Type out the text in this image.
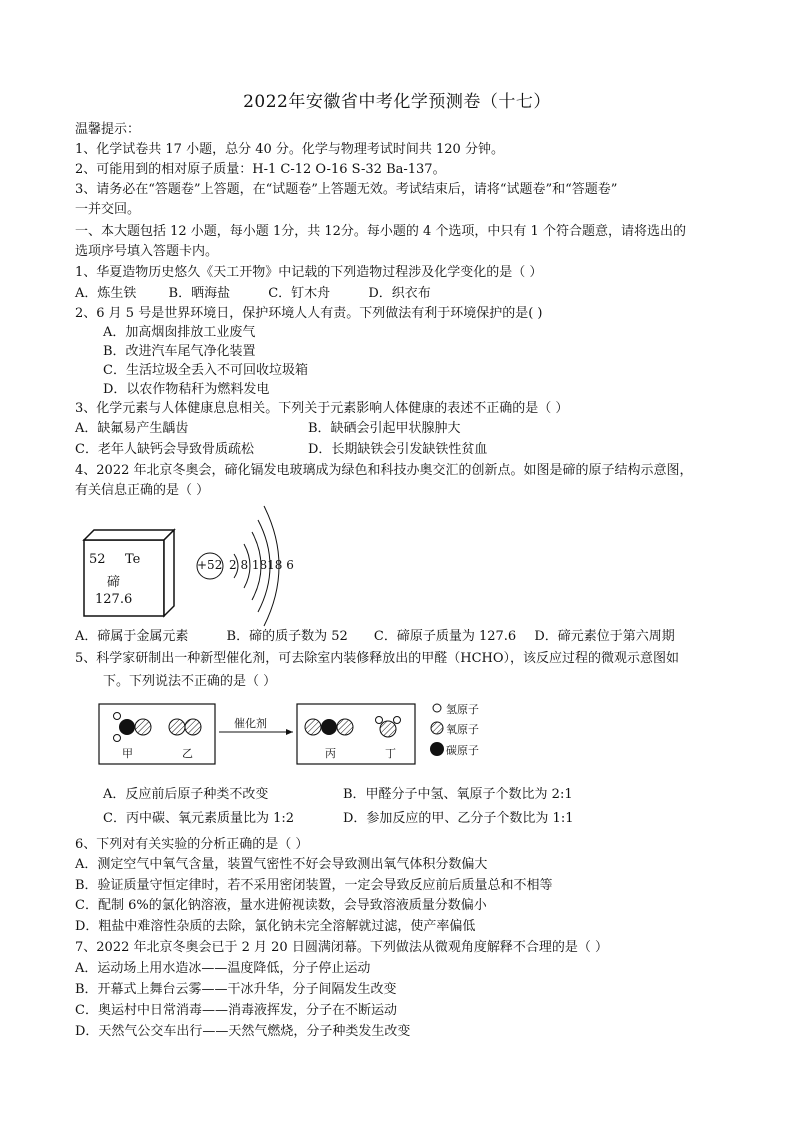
2022年安徽省中考化学预测卷（十七）
温馨提示：
1、化学试卷共 17 小题，总分 40 分。化学与物理考试时间共 120 分钟。
2、可能用到的相对原子质量：H-1 C-12 O-16 S-32 Ba-137。
3、请务必在“答题卷”上答题，在“试题卷”上答题无效。考试结束后，请将“试题卷”和“答题卷”
一并交回。
一、本大题包括 12 小题，每小题 1分，共 12分。每小题的 4 个选项，中只有 1 个符合题意，请将选出的
选项序号填入答题卡内。
1、华夏造物历史悠久《天工开物》中记载的下列造物过程涉及化学变化的是（ ）
A．炼生铁 B．晒海盐	C．钉木舟	D．织衣布
2、6 月 5 号是世界环境日，保护环境人人有责。下列做法有利于环境保护的是( )
A．加高烟囱排放工业废气
B．改进汽车尾气净化装置
C．生活垃圾全丢入不可回收垃圾箱
D．以农作物秸秆为燃料发电
3、化学元素与人体健康息息相关。下列关于元素影响人体健康的表述不正确的是（ ）
A．缺氟易产生龋齿	B．缺硒会引起甲状腺肿大
C．老年人缺钙会导致骨质疏松	D．长期缺铁会引发缺铁性贫血
4、2022 年北京冬奥会，碲化镉发电玻璃成为绿色和科技办奥交汇的创新点。如图是碲的原子结构示意图，
有关信息正确的是（ ）
52 Te
碲
127.6
+52 2 8 1818 6
A．碲属于金属元素	B．碲的质子数为 52 C．碲原子质量为 127.6 D．碲元素位于第六周期
5、科学家研制出一种新型催化剂，可去除室内装修释放出的甲醛（HCHO），该反应过程的微观示意图如
下。下列说法不正确的是（ ）
催化剂
甲	乙	丙	丁
氢原子
氧原子
碳原子
A．反应前后原子种类不改变	B．甲醛分子中氢、氧原子个数比为 2:1
C．丙中碳、氧元素质量比为 1:2	D．参加反应的甲、乙分子个数比为 1:1
6、下列对有关实验的分析正确的是（ ）
A．测定空气中氧气含量，装置气密性不好会导致测出氧气体积分数偏大
B．验证质量守恒定律时，若不采用密闭装置，一定会导致反应前后质量总和不相等
C．配制 6%的氯化钠溶液，量水进俯视读数，会导致溶液质量分数偏小
D．粗盐中难溶性杂质的去除，氯化钠未完全溶解就过滤，使产率偏低
7、2022 年北京冬奥会已于 2 月 20 日圆满闭幕。下列做法从微观角度解释不合理的是（ ）
A．运动场上用水造冰——温度降低，分子停止运动
B．开幕式上舞台云雾——干冰升华，分子间隔发生改变
C．奥运村中日常消毒——消毒液挥发，分子在不断运动
D．天然气公交车出行——天然气燃烧，分子种类发生改变
